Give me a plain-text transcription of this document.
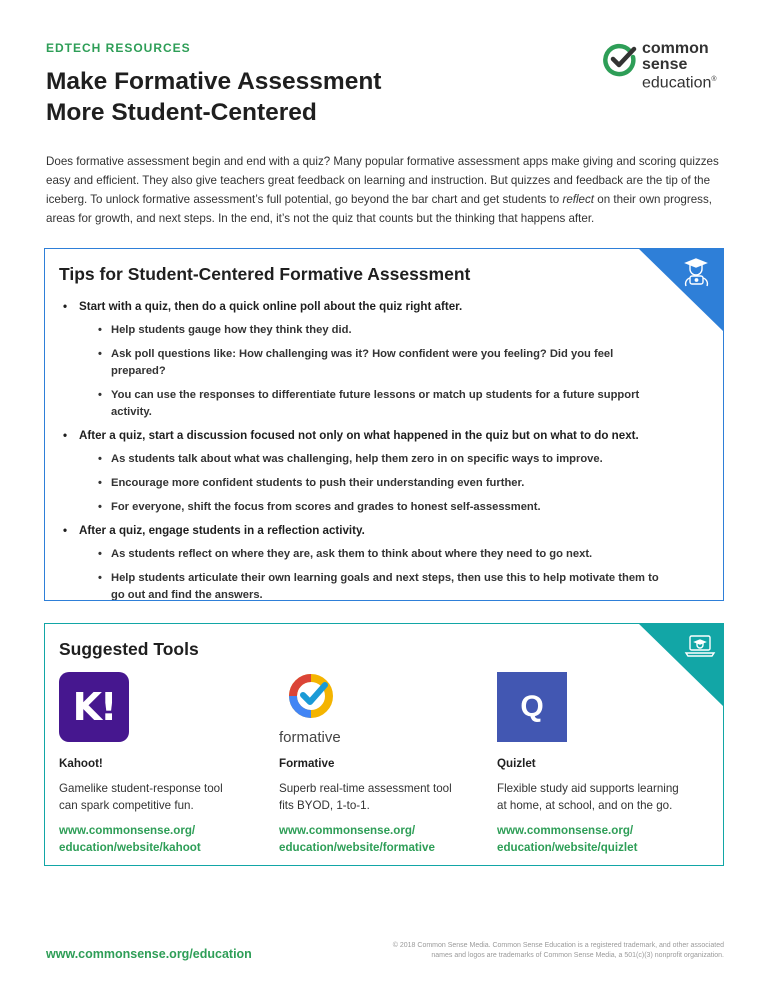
EDTECH RESOURCES
Make Formative Assessment
More Student-Centered
common
sense
education®

Does formative assessment begin and end with a quiz? Many popular formative assessment apps make giving and scoring quizzes easy and efficient. They also give teachers great feedback on learning and instruction. But quizzes and feedback are the tip of the iceberg. To unlock formative assessment’s full potential, go beyond the bar chart and get students to reflect on their own progress, areas for growth, and next steps. In the end, it’s not the quiz that counts but the thinking that happens after.

Tips for Student-Centered Formative Assessment
• Start with a quiz, then do a quick online poll about the quiz right after.
• Help students gauge how they think they did.
• Ask poll questions like: How challenging was it? How confident were you feeling? Did you feel prepared?
• You can use the responses to differentiate future lessons or match up students for a future support activity.
• After a quiz, start a discussion focused not only on what happened in the quiz but on what to do next.
• As students talk about what was challenging, help them zero in on specific ways to improve.
• Encourage more confident students to push their understanding even further.
• For everyone, shift the focus from scores and grades to honest self-assessment.
• After a quiz, engage students in a reflection activity.
• As students reflect on where they are, ask them to think about where they need to go next.
• Help students articulate their own learning goals and next steps, then use this to help motivate them to go out and find the answers.
Suggested Tools
K!
Kahoot!
Gamelike student-response tool
can spark competitive fun.
www.commonsense.org/
education/website/kahoot
formative
Formative
Superb real-time assessment tool
fits BYOD, 1-to-1.
www.commonsense.org/
education/website/formative
Q
Quizlet
Flexible study aid supports learning
at home, at school, and on the go.
www.commonsense.org/
education/website/quizlet
www.commonsense.org/education
© 2018 Common Sense Media. Common Sense Education is a registered trademark, and other associated
names and logos are trademarks of Common Sense Media, a 501(c)(3) nonprofit organization.
